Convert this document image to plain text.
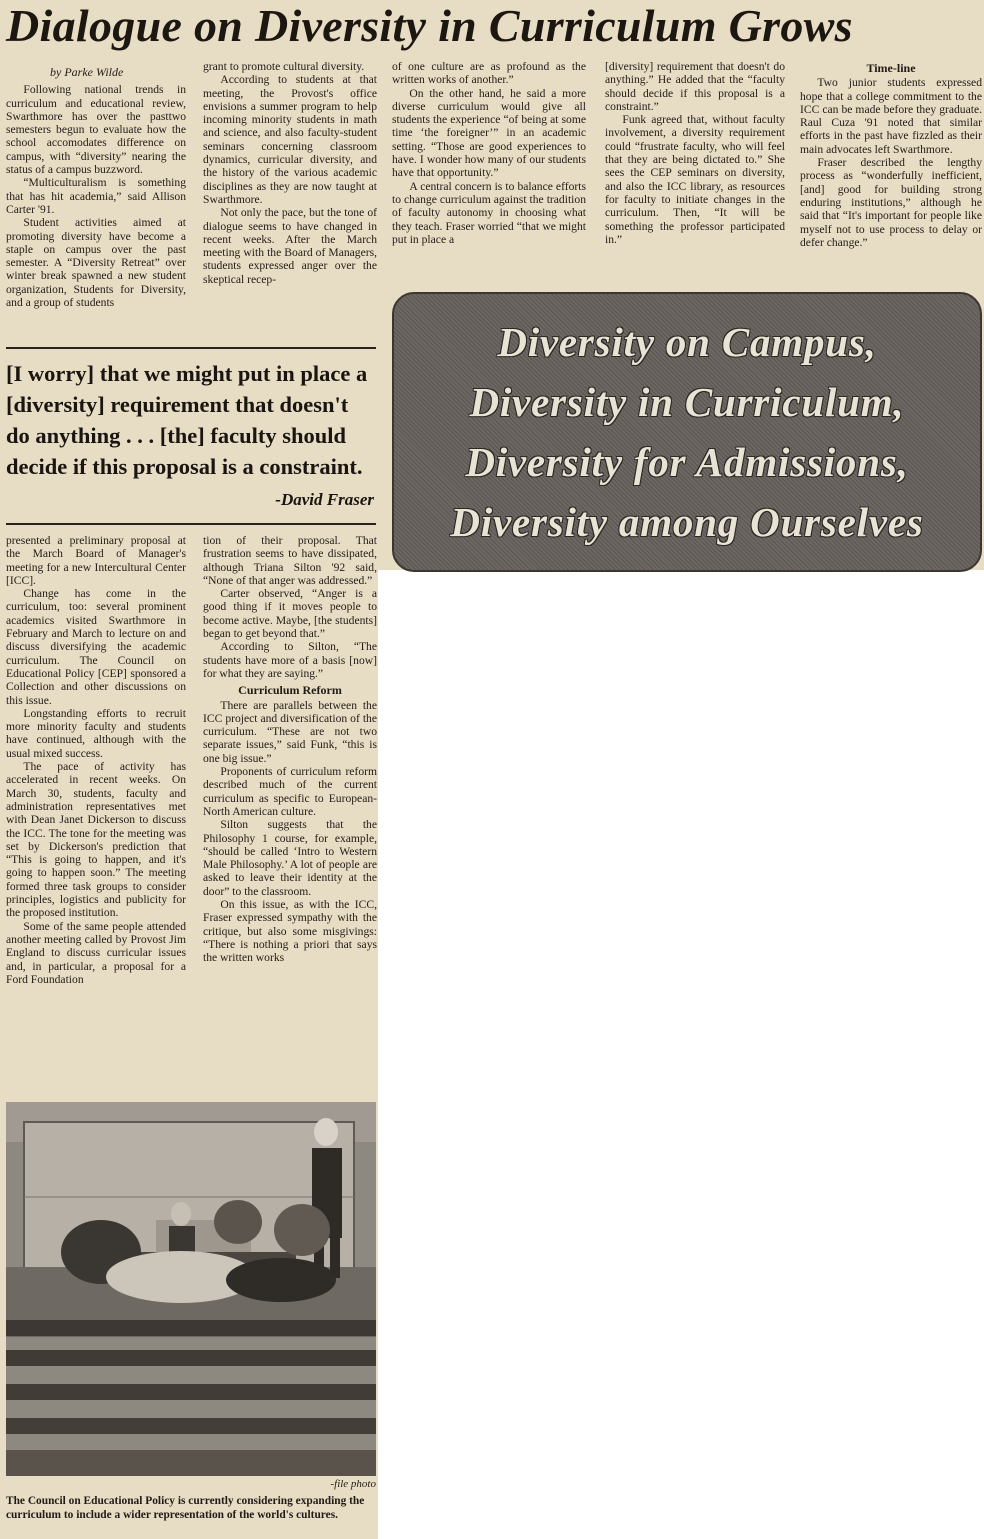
Dialogue on Diversity in Curriculum Grows
by Parke Wilde

Following national trends in curriculum and educational review, Swarthmore has over the pasttwo semesters begun to evaluate how the school accomodates difference on campus, with “diversity” nearing the status of a campus buzzword.

“Multiculturalism is something that has hit academia,” said Allison Carter '91.

Student activities aimed at promoting diversity have become a staple on campus over the past semester. A “Diversity Retreat” over winter break spawned a new student organization, Students for Diversity, and a group of students

grant to promote cultural diversity.

According to students at that meeting, the Provost's office envisions a summer program to help incoming minority students in math and science, and also faculty-student seminars concerning classroom dynamics, curricular diversity, and the history of the various academic disciplines as they are now taught at Swarthmore.

Not only the pace, but the tone of dialogue seems to have changed in recent weeks. After the March meeting with the Board of Managers, students expressed anger over the skeptical recep-

of one culture are as profound as the written works of another.”

On the other hand, he said a more diverse curriculum would give all students the experience “of being at some time ‘the foreigner’” in an academic setting. “Those are good experiences to have. I wonder how many of our students have that opportunity.”

A central concern is to balance efforts to change curriculum against the tradition of faculty autonomy in choosing what they teach. Fraser worried “that we might put in place a

[diversity] requirement that doesn't do anything.” He added that the “faculty should decide if this proposal is a constraint.”

Funk agreed that, without faculty involvement, a diversity requirement could “frustrate faculty, who will feel that they are being dictated to.” She sees the CEP seminars on diversity, and also the ICC library, as resources for faculty to initiate changes in the curriculum. Then, “It will be something the professor participated in.”

Time-line

Two junior students expressed hope that a college commitment to the ICC can be made before they graduate. Raul Cuza '91 noted that similar efforts in the past have fizzled as their main advocates left Swarthmore.

Fraser described the lengthy process as “wonderfully inefficient, [and] good for building strong enduring institutions,” although he said that “It's important for people like myself not to use process to delay or defer change.”

[I worry] that we might put in place a [diversity] requirement that doesn't do anything . . . [the] faculty should decide if this proposal is a constraint.

-David Fraser
Diversity on Campus,
Diversity in Curriculum,
Diversity for Admissions,
Diversity among Ourselves

presented a preliminary proposal at the March Board of Manager's meeting for a new Intercultural Center [ICC].

Change has come in the curriculum, too: several prominent academics visited Swarthmore in February and March to lecture on and discuss diversifying the academic curriculum. The Council on Educational Policy [CEP] sponsored a Collection and other discussions on this issue.

Longstanding efforts to recruit more minority faculty and students have continued, although with the usual mixed success.

The pace of activity has accelerated in recent weeks. On March 30, students, faculty and administration representatives met with Dean Janet Dickerson to discuss the ICC. The tone for the meeting was set by Dickerson's prediction that “This is going to happen, and it's going to happen soon.” The meeting formed three task groups to consider principles, logistics and publicity for the proposed institution.

Some of the same people attended another meeting called by Provost Jim England to discuss curricular issues and, in particular, a proposal for a Ford Foundation

tion of their proposal. That frustration seems to have dissipated, although Triana Silton '92 said, “None of that anger was addressed.”

Carter observed, “Anger is a good thing if it moves people to become active. Maybe, [the students] began to get beyond that.”

According to Silton, “The students have more of a basis [now] for what they are saying.”

Curriculum Reform

There are parallels between the ICC project and diversification of the curriculum. “These are not two separate issues,” said Funk, “this is one big issue.”

Proponents of curriculum reform described much of the current curriculum as specific to European-North American culture.

Silton suggests that the Philosophy 1 course, for example, “should be called ‘Intro to Western Male Philosophy.’ A lot of people are asked to leave their identity at the door” to the classroom.

On this issue, as with the ICC, Fraser expressed sympathy with the critique, but also some misgivings: “There is nothing a priori that says the written works

-file photo
The Council on Educational Policy is currently considering expanding the curriculum to include a wider representation of the world's cultures.
